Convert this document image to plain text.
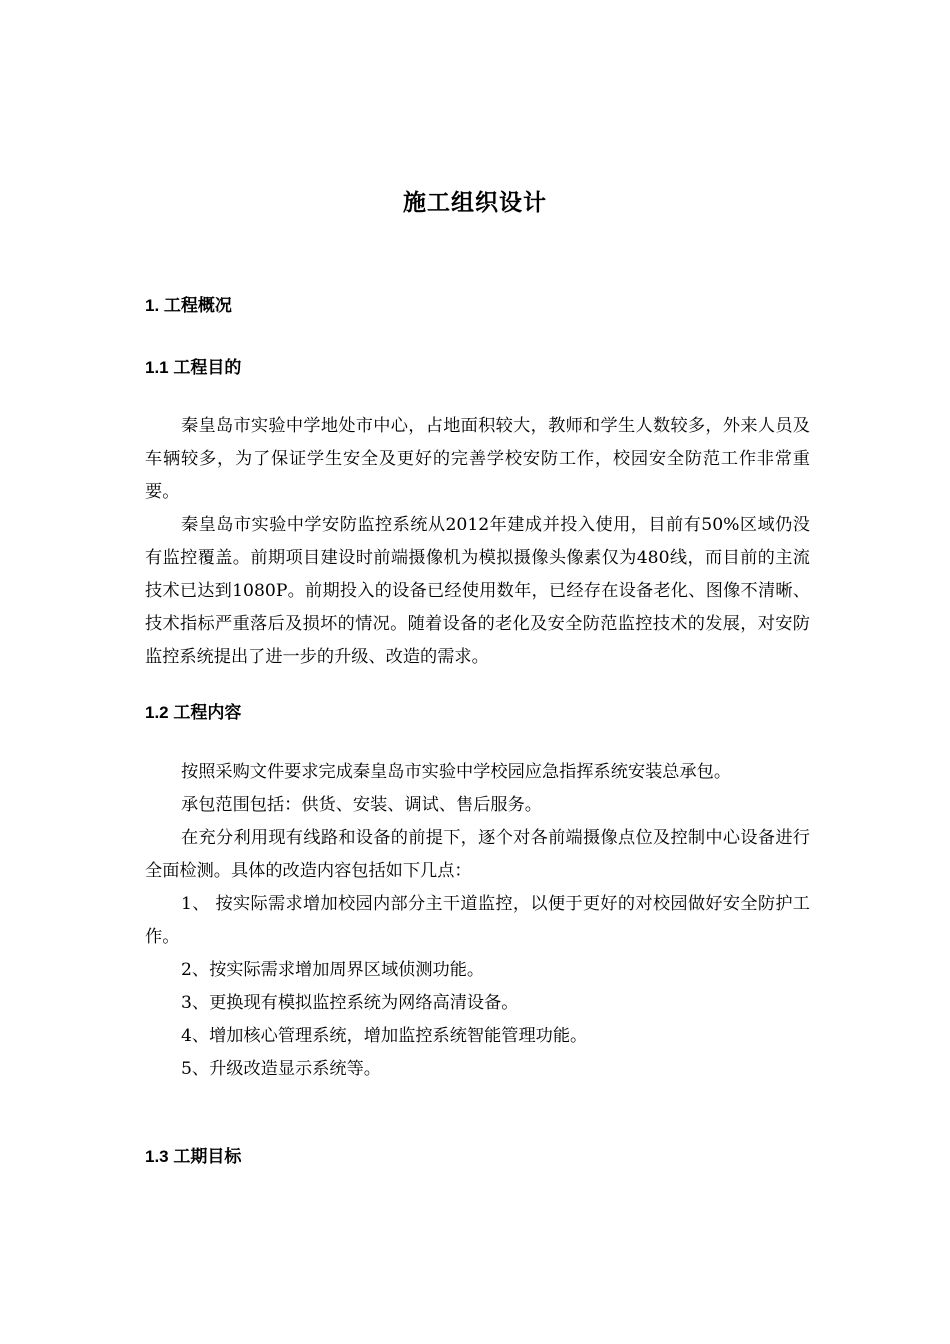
施工组织设计
1. 工程概况
1.1 工程目的

秦皇岛市实验中学地处市中心，占地面积较大，教师和学生人数较多，外来人员及车辆较多，为了保证学生安全及更好的完善学校安防工作，校园安全防范工作非常重要。

秦皇岛市实验中学安防监控系统从2012年建成并投入使用，目前有50%区域仍没有监控覆盖。前期项目建设时前端摄像机为模拟摄像头像素仅为480线，而目前的主流技术已达到1080P。前期投入的设备已经使用数年，已经存在设备老化、图像不清晰、技术指标严重落后及损坏的情况。随着设备的老化及安全防范监控技术的发展，对安防监控系统提出了进一步的升级、改造的需求。

1.2 工程内容

按照采购文件要求完成秦皇岛市实验中学校园应急指挥系统安装总承包。

承包范围包括：供货、安装、调试、售后服务。

在充分利用现有线路和设备的前提下，逐个对各前端摄像点位及控制中心设备进行全面检测。具体的改造内容包括如下几点：

1、 按实际需求增加校园内部分主干道监控，以便于更好的对校园做好安全防护工作。

2、按实际需求增加周界区域侦测功能。

3、更换现有模拟监控系统为网络高清设备。

4、增加核心管理系统，增加监控系统智能管理功能。

5、升级改造显示系统等。

1.3 工期目标
